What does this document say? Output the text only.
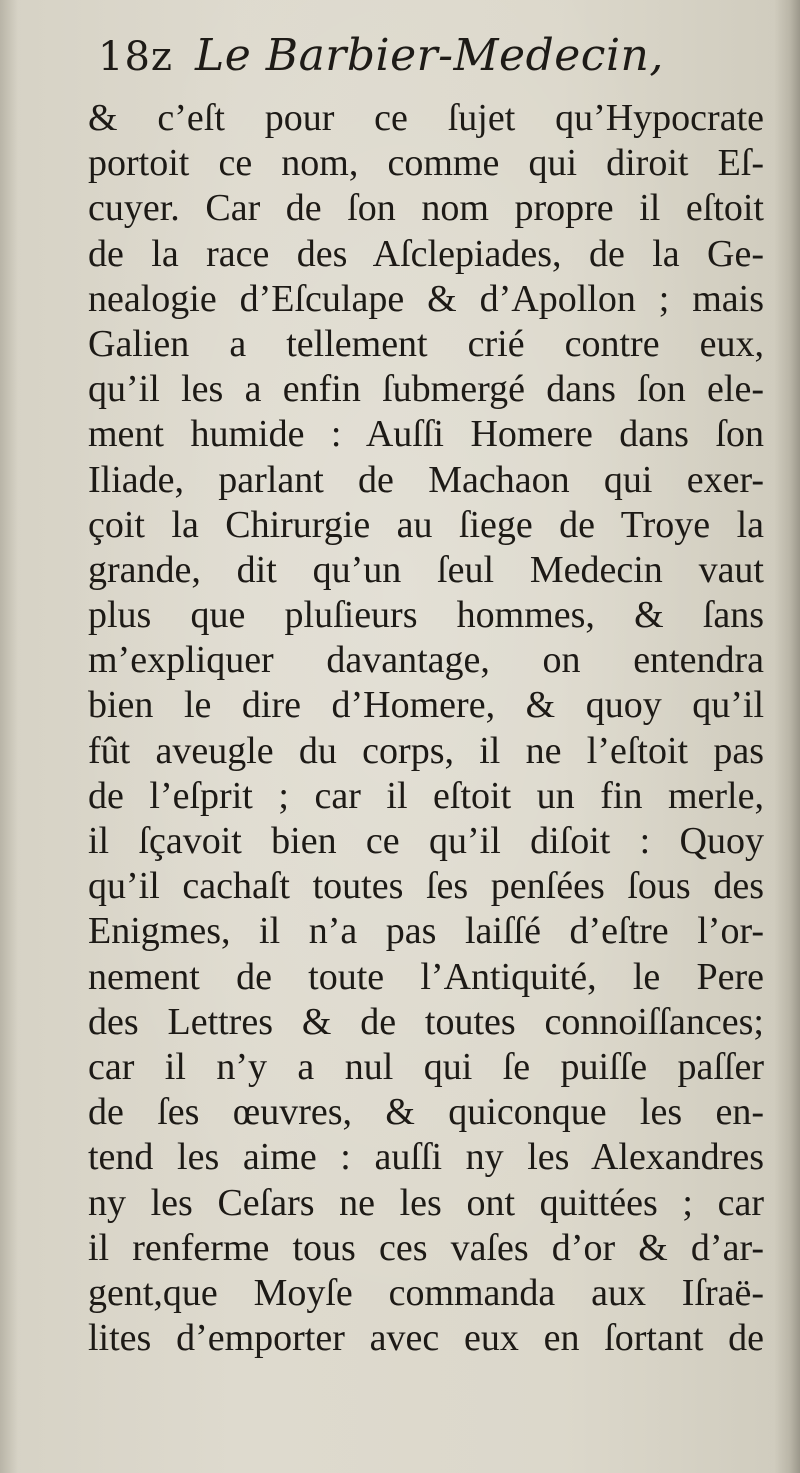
18z Le Barbier-Medecin,
& c’eſt pour ce ſujet qu’Hypocrate
portoit ce nom, comme qui diroit Eſ-
cuyer. Car de ſon nom propre il eſtoit
de la race des Aſclepiades, de la Ge-
nealogie d’Eſculape & d’Apollon ; mais
Galien a tellement crié contre eux,
qu’il les a enfin ſubmergé dans ſon ele-
ment humide : Auſſi Homere dans ſon
Iliade, parlant de Machaon qui exer-
çoit la Chirurgie au ſiege de Troye la
grande, dit qu’un ſeul Medecin vaut
plus que pluſieurs hommes, & ſans
m’expliquer davantage, on entendra
bien le dire d’Homere, & quoy qu’il
fût aveugle du corps, il ne l’eſtoit pas
de l’eſprit ; car il eſtoit un fin merle,
il ſçavoit bien ce qu’il diſoit : Quoy
qu’il cachaſt toutes ſes penſées ſous des
Enigmes, il n’a pas laiſſé d’eſtre l’or-
nement de toute l’Antiquité, le Pere
des Lettres & de toutes connoiſſances;
car il n’y a nul qui ſe puiſſe paſſer
de ſes œuvres, & quiconque les en-
tend les aime : auſſi ny les Alexandres
ny les Ceſars ne les ont quittées ; car
il renferme tous ces vaſes d’or & d’ar-
gent,que Moyſe commanda aux Iſraë-
lites d’emporter avec eux en ſortant de
